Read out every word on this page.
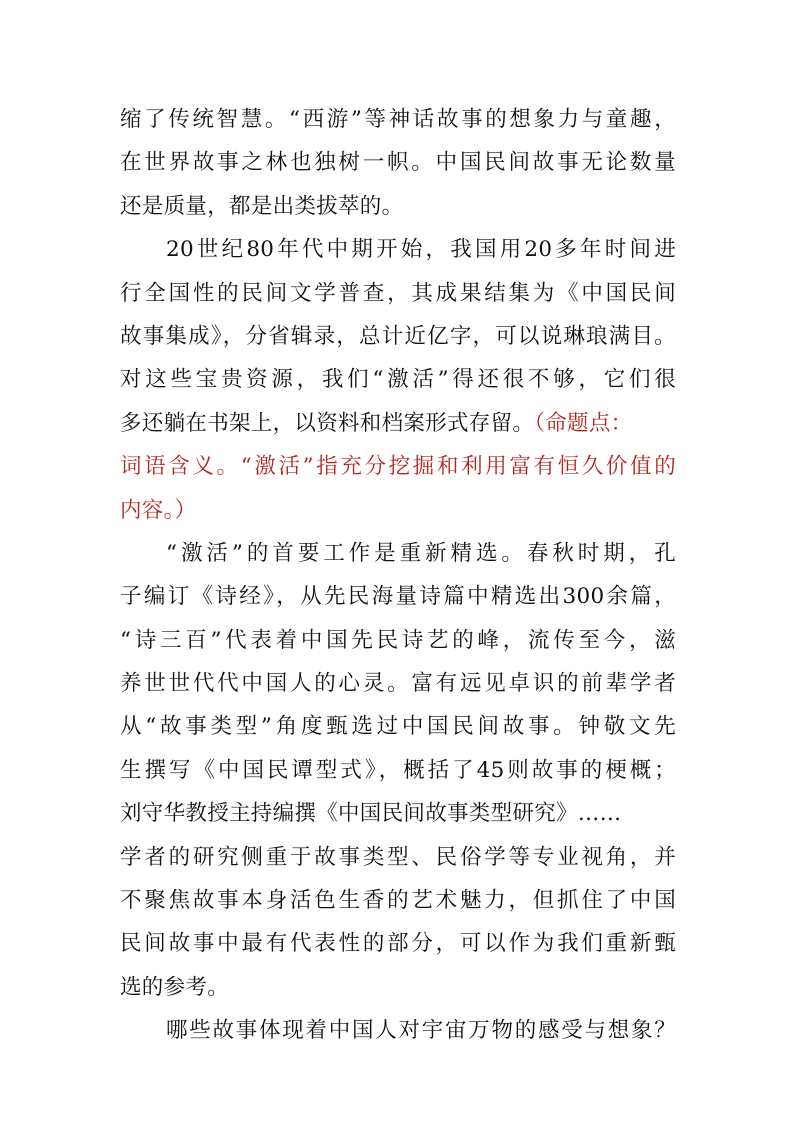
缩了传统智慧。“西游”等神话故事的想象力与童趣，
在世界故事之林也独树一帜。中国民间故事无论数量
还是质量，都是出类拔萃的。
20世纪80年代中期开始，我国用20多年时间进
行全国性的民间文学普查，其成果结集为《中国民间
故事集成》，分省辑录，总计近亿字，可以说琳琅满目。
对这些宝贵资源，我们“激活”得还很不够，它们很
多还躺在书架上，以资料和档案形式存留。（命题点：
词语含义。“激活”指充分挖掘和利用富有恒久价值的
内容。）
“激活”的首要工作是重新精选。春秋时期，孔
子编订《诗经》，从先民海量诗篇中精选出300余篇，
“诗三百”代表着中国先民诗艺的峰，流传至今，滋
养世世代代中国人的心灵。富有远见卓识的前辈学者
从“故事类型”角度甄选过中国民间故事。钟敬文先
生撰写《中国民谭型式》，概括了45则故事的梗概；
刘守华教授主持编撰《中国民间故事类型研究》……
学者的研究侧重于故事类型、民俗学等专业视角，并
不聚焦故事本身活色生香的艺术魅力，但抓住了中国
民间故事中最有代表性的部分，可以作为我们重新甄
选的参考。
哪些故事体现着中国人对宇宙万物的感受与想象？
